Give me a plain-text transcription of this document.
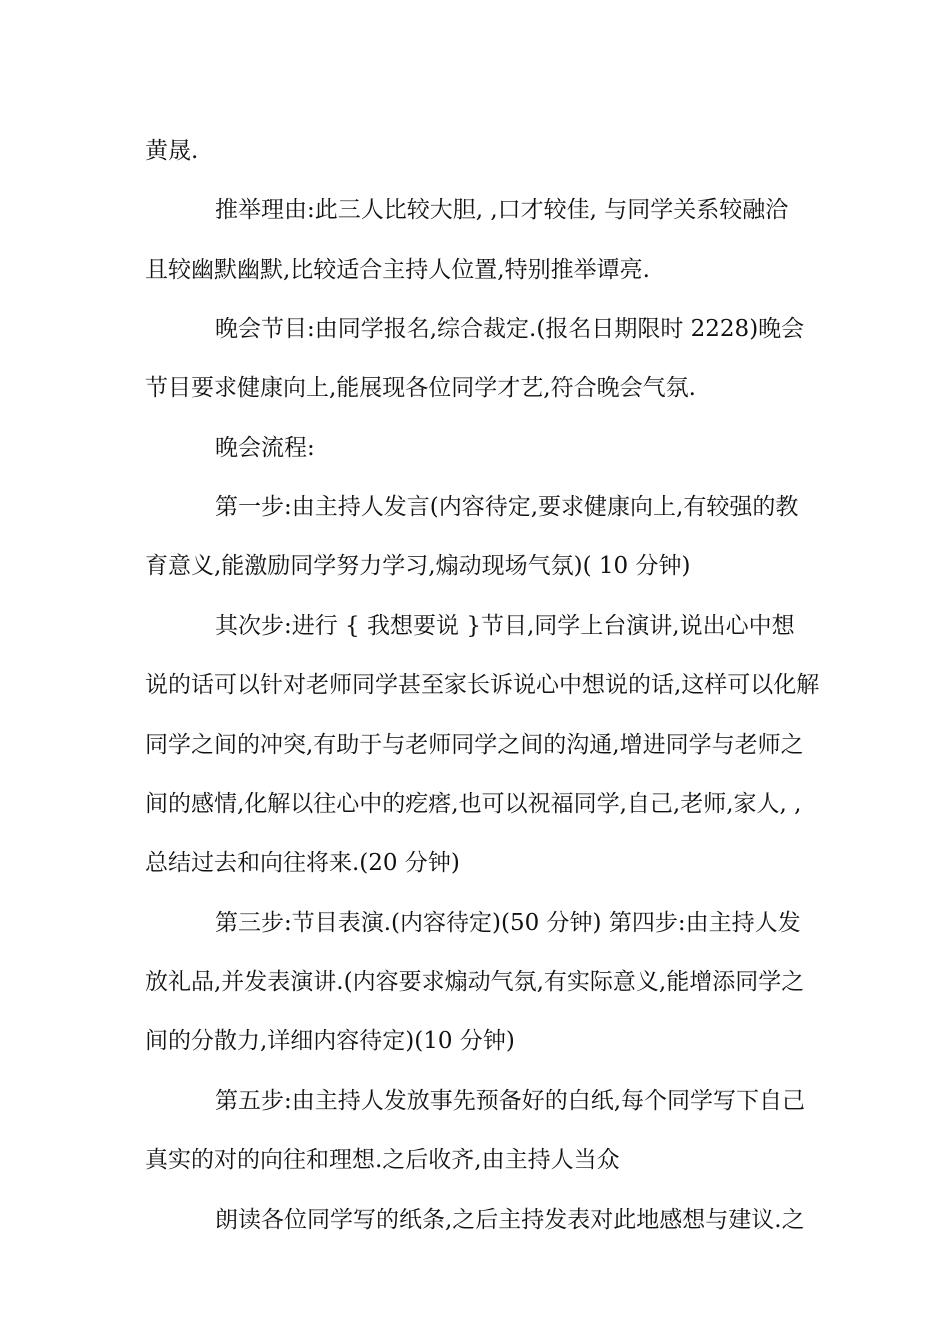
黄晟.
推举理由:此三人比较大胆, ,口才较佳, 与同学关系较融洽
且较幽默幽默,比较适合主持人位置,特别推举谭亮.
晚会节目:由同学报名,综合裁定.(报名日期限时 2228)晚会
节目要求健康向上,能展现各位同学才艺,符合晚会气氛.
晚会流程:
第一步:由主持人发言(内容待定,要求健康向上,有较强的教
育意义,能激励同学努力学习,煽动现场气氛)( 10 分钟)
其次步:进行 { 我想要说 }节目,同学上台演讲,说出心中想
说的话可以针对老师同学甚至家长诉说心中想说的话,这样可以化解
同学之间的冲突,有助于与老师同学之间的沟通,增进同学与老师之
间的感情,化解以往心中的疙瘩,也可以祝福同学,自己,老师,家人, ,
总结过去和向往将来.(20 分钟)
第三步:节目表演.(内容待定)(50 分钟) 第四步:由主持人发
放礼品,并发表演讲.(内容要求煽动气氛,有实际意义,能增添同学之
间的分散力,详细内容待定)(10 分钟)
第五步:由主持人发放事先预备好的白纸,每个同学写下自己
真实的对的向往和理想.之后收齐,由主持人当众
朗读各位同学写的纸条,之后主持发表对此地感想与建议.之
